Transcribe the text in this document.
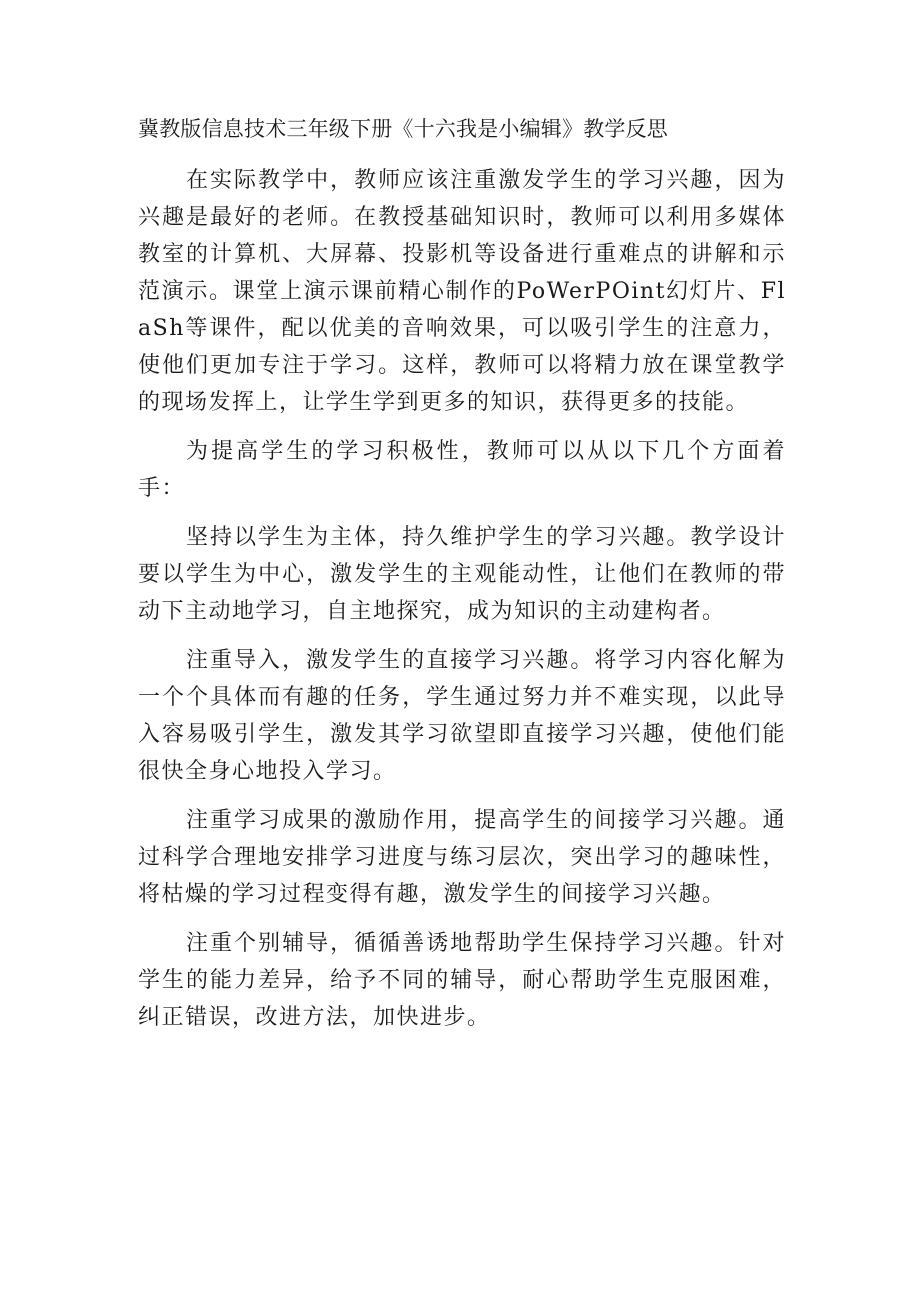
冀教版信息技术三年级下册《十六我是小编辑》教学反思

在实际教学中，教师应该注重激发学生的学习兴趣，因为兴趣是最好的老师。在教授基础知识时，教师可以利用多媒体教室的计算机、大屏幕、投影机等设备进行重难点的讲解和示范演示。课堂上演示课前精心制作的PoWerPOint幻灯片、FlaSh等课件，配以优美的音响效果，可以吸引学生的注意力，使他们更加专注于学习。这样，教师可以将精力放在课堂教学的现场发挥上，让学生学到更多的知识，获得更多的技能。

为提高学生的学习积极性，教师可以从以下几个方面着手：

坚持以学生为主体，持久维护学生的学习兴趣。教学设计要以学生为中心，激发学生的主观能动性，让他们在教师的带动下主动地学习，自主地探究，成为知识的主动建构者。

注重导入，激发学生的直接学习兴趣。将学习内容化解为一个个具体而有趣的任务，学生通过努力并不难实现，以此导入容易吸引学生，激发其学习欲望即直接学习兴趣，使他们能很快全身心地投入学习。

注重学习成果的激励作用，提高学生的间接学习兴趣。通过科学合理地安排学习进度与练习层次，突出学习的趣味性，将枯燥的学习过程变得有趣，激发学生的间接学习兴趣。

注重个别辅导，循循善诱地帮助学生保持学习兴趣。针对学生的能力差异，给予不同的辅导，耐心帮助学生克服困难，纠正错误，改进方法，加快进步。
